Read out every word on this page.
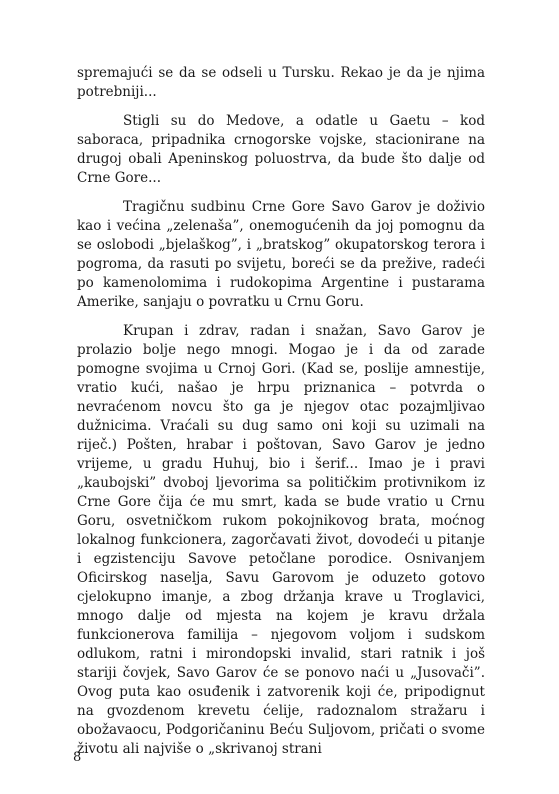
spremajući se da se odseli u Tursku. Rekao je da je njima potrebniji...

Stigli su do Medove, a odatle u Gaetu – kod saboraca, pripadnika crnogorske vojske, stacionirane na drugoj obali Apeninskog poluostrva, da bude što dalje od Crne Gore...

Tragičnu sudbinu Crne Gore Savo Garov je doživio kao i većina „zelenaša”, onemogućenih da joj pomognu da se oslobodi „bjelaškog”, i „bratskog” okupatorskog terora i pogroma, da rasuti po svijetu, boreći se da prežive, radeći po kamenolomima i rudokopima Argentine i pustarama Amerike, sanjaju o povratku u Crnu Goru.

Krupan i zdrav, radan i snažan, Savo Garov je prolazio bolje nego mnogi. Mogao je i da od zarade pomogne svojima u Crnoj Gori. (Kad se, poslije amnestije, vratio kući, našao je hrpu priznanica – potvrda o nevraćenom novcu što ga je njegov otac pozajmljivao dužnicima. Vraćali su dug samo oni koji su uzimali na riječ.) Pošten, hrabar i poštovan, Savo Garov je jedno vrijeme, u gradu Huhuj, bio i šerif... Imao je i pravi „kaubojski” dvoboj ljevorima sa političkim protivnikom iz Crne Gore čija će mu smrt, kada se bude vratio u Crnu Goru, osvetničkom rukom pokojnikovog brata, moćnog lokalnog funkcionera, zagorčavati život, dovodeći u pitanje i egzistenciju Savove petočlane porodice. Osnivanjem Oficirskog naselja, Savu Garovom je oduzeto gotovo cjelokupno imanje, a zbog držanja krave u Troglavici, mnogo dalje od mjesta na kojem je kravu držala funkcionerova familija – njegovom voljom i sudskom odlukom, ratni i mirondopski invalid, stari ratnik i još stariji čovjek, Savo Garov će se ponovo naći u „Jusovači”. Ovog puta kao osuđenik i zatvorenik koji će, pripodignut na gvozdenom krevetu ćelije, radoznalom stražaru i obožavaocu, Podgoričaninu Beću Suljovom, pričati o svome životu ali najviše o „skrivanoj strani

8
